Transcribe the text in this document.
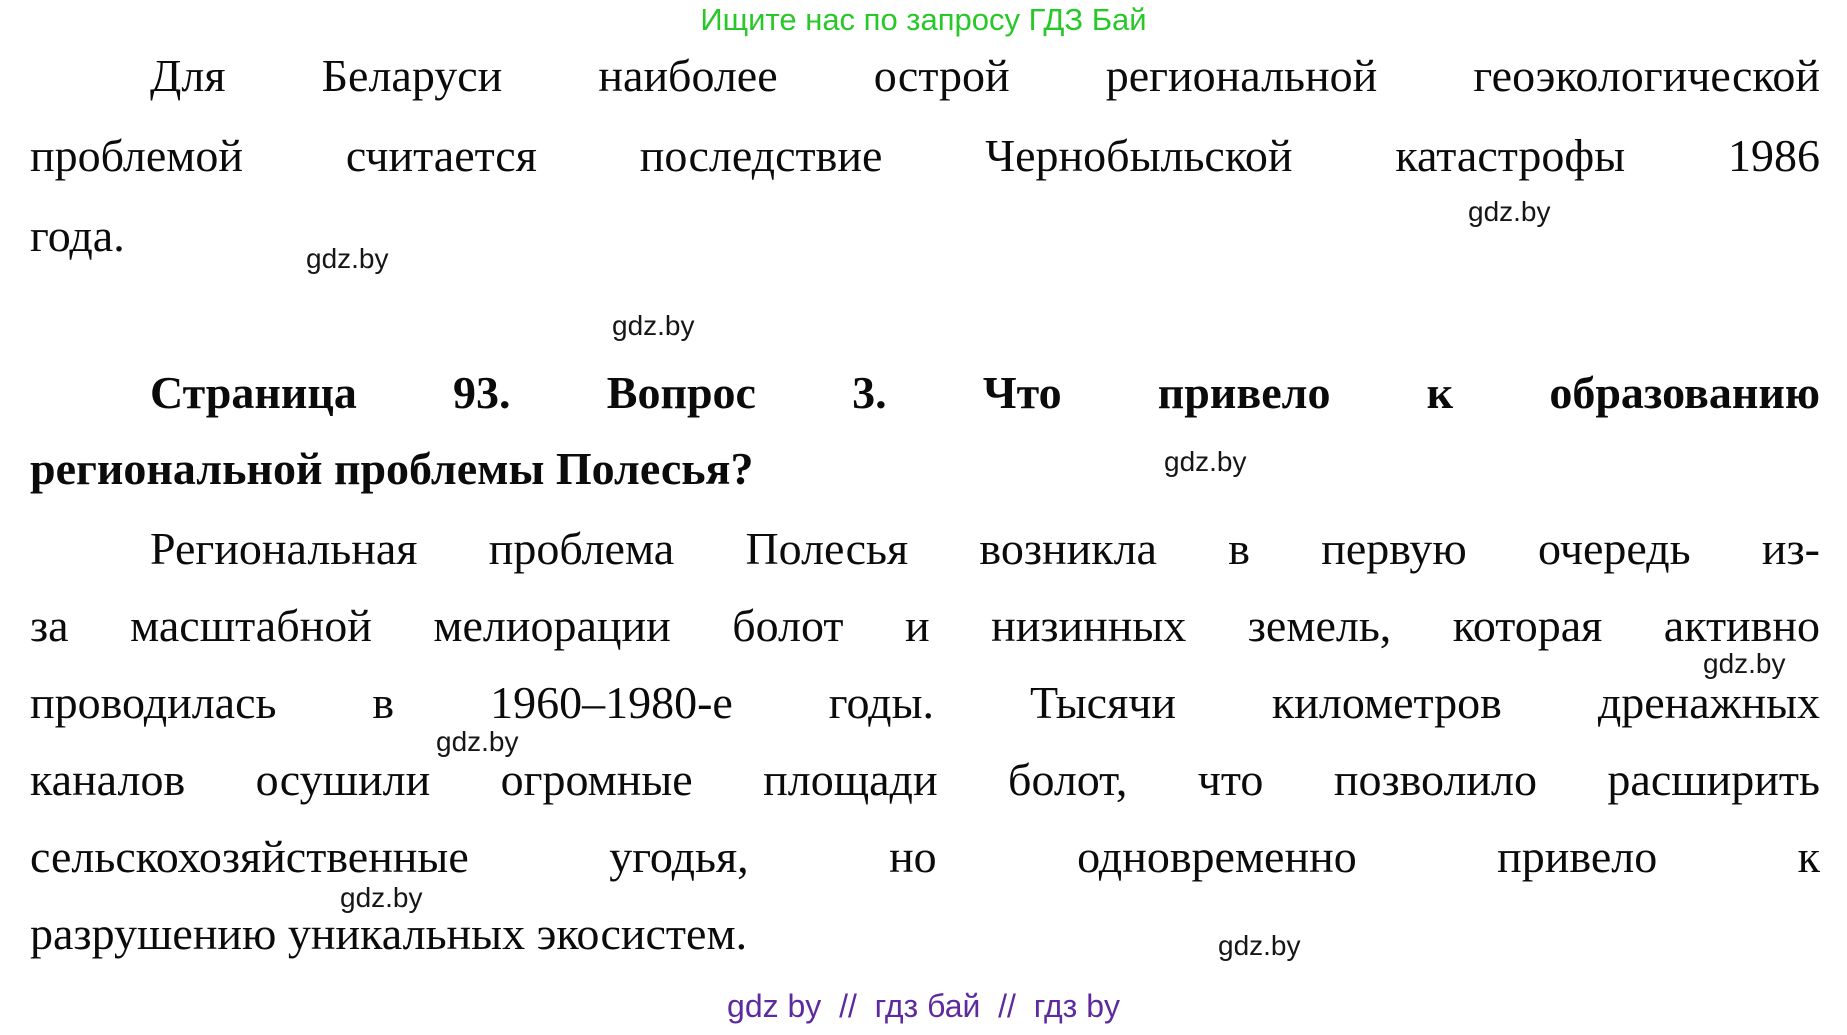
Ищите нас по запросу ГДЗ Бай
Для Беларуси наиболее острой региональной геоэкологической
проблемой считается последствие Чернобыльской катастрофы 1986
года.
Страница 93. Вопрос 3. Что привело к образованию
региональной проблемы Полесья?
Региональная проблема Полесья возникла в первую очередь из-
за масштабной мелиорации болот и низинных земель, которая активно
проводилась в 1960–1980-е годы. Тысячи километров дренажных
каналов осушили огромные площади болот, что позволило расширить
сельскохозяйственные угодья, но одновременно привело к
разрушению уникальных экосистем.
gdz.by
gdz.by
gdz.by
gdz.by
gdz.by
gdz.by
gdz.by
gdz.by
gdz by  //  гдз бай  //  гдз by
